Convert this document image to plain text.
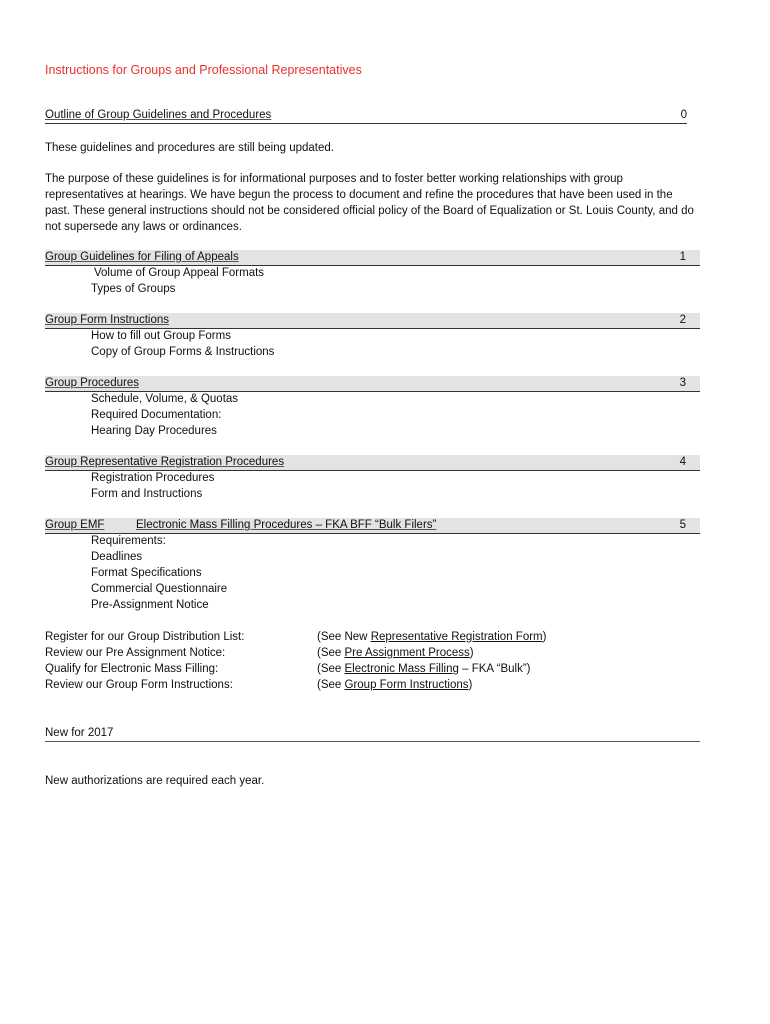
Instructions for Groups and Professional Representatives
Outline of Group Guidelines and Procedures	0
These guidelines and procedures are still being updated.
The purpose of these guidelines is for informational purposes and to foster better working relationships with group representatives at hearings. We have begun the process to document and refine the procedures that have been used in the past. These general instructions should not be considered official policy of the Board of Equalization or St. Louis County, and do not supersede any laws or ordinances.
Group Guidelines for Filing of Appeals	1
Volume of Group Appeal Formats
Types of Groups
Group Form Instructions	2
How to fill out Group Forms
Copy of Group Forms & Instructions
Group Procedures	3
Schedule, Volume, & Quotas
Required Documentation:
Hearing Day Procedures
Group Representative Registration Procedures	4
Registration Procedures
Form and Instructions
Group EMF	Electronic Mass Filling Procedures – FKA BFF “Bulk Filers”	5
Requirements:
Deadlines
Format Specifications
Commercial Questionnaire
Pre-Assignment Notice
Register for our Group Distribution List:	(See New Representative Registration Form)
Review our Pre Assignment Notice:	(See Pre Assignment Process)
Qualify for Electronic Mass Filling:	(See Electronic Mass Filling – FKA “Bulk”)
Review our Group Form Instructions:	(See Group Form Instructions)
New for 2017
New authorizations are required each year.
